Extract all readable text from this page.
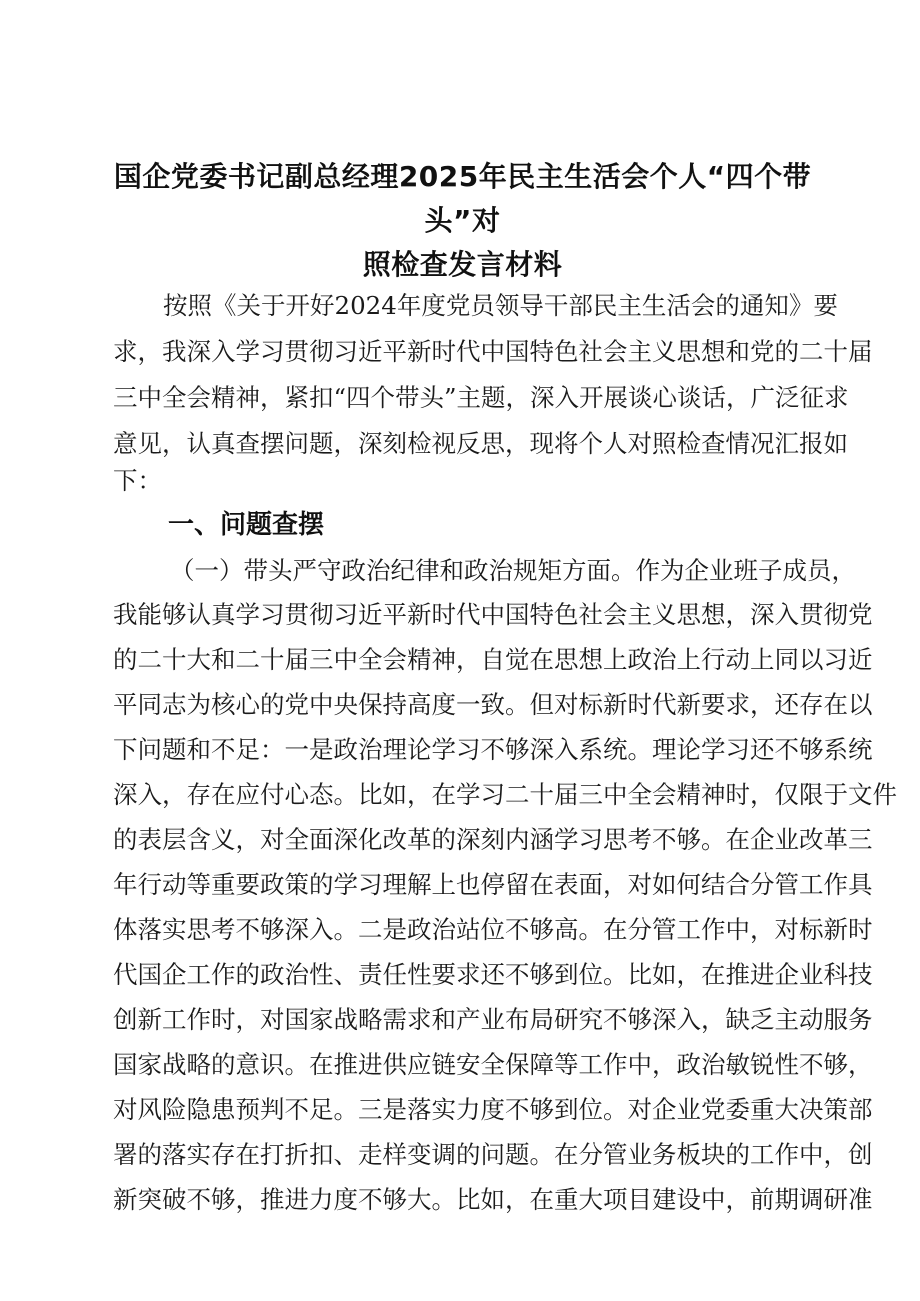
国企党委书记副总经理2025年民主生活会个人“四个带头”对
照检查发言材料
按照《关于开好2024年度党员领导干部民主生活会的通知》要
求，我深入学习贯彻习近平新时代中国特色社会主义思想和党的二十届
三中全会精神，紧扣“四个带头”主题，深入开展谈心谈话，广泛征求
意见，认真查摆问题，深刻检视反思，现将个人对照检查情况汇报如
下：
一、问题查摆
（一）带头严守政治纪律和政治规矩方面。作为企业班子成员，
我能够认真学习贯彻习近平新时代中国特色社会主义思想，深入贯彻党
的二十大和二十届三中全会精神，自觉在思想上政治上行动上同以习近
平同志为核心的党中央保持高度一致。但对标新时代新要求，还存在以
下问题和不足：一是政治理论学习不够深入系统。理论学习还不够系统
深入，存在应付心态。比如，在学习二十届三中全会精神时，仅限于文件
的表层含义，对全面深化改革的深刻内涵学习思考不够。在企业改革三
年行动等重要政策的学习理解上也停留在表面，对如何结合分管工作具
体落实思考不够深入。二是政治站位不够高。在分管工作中，对标新时
代国企工作的政治性、责任性要求还不够到位。比如，在推进企业科技
创新工作时，对国家战略需求和产业布局研究不够深入，缺乏主动服务
国家战略的意识。在推进供应链安全保障等工作中，政治敏锐性不够，
对风险隐患预判不足。三是落实力度不够到位。对企业党委重大决策部
署的落实存在打折扣、走样变调的问题。在分管业务板块的工作中，创
新突破不够，推进力度不够大。比如，在重大项目建设中，前期调研准
